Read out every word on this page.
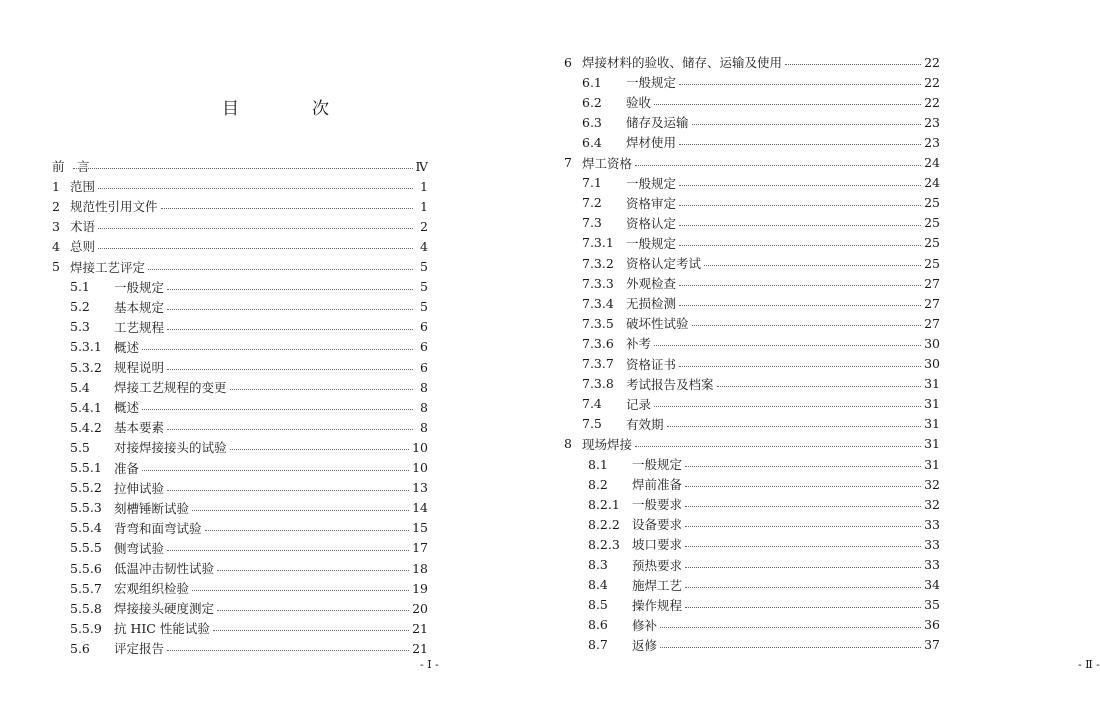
目　次
前　言	Ⅳ
1 范围	1
2 规范性引用文件	1
3 术语	2
4 总则	4
5 焊接工艺评定	5
5.1	一般规定	5
5.2	基本规定	5
5.3	工艺规程	6
5.3.1 概述	6
5.3.2 规程说明	6
5.4	焊接工艺规程的变更	8
5.4.1 概述	8
5.4.2 基本要素	8
5.5	对接焊接接头的试验	10
5.5.1 准备	10
5.5.2 拉伸试验	13
5.5.3 刻槽锤断试验	14
5.5.4 背弯和面弯试验	15
5.5.5 侧弯试验	17
5.5.6 低温冲击韧性试验	18
5.5.7 宏观组织检验	19
5.5.8 焊接接头硬度测定	20
5.5.9 抗 HIC 性能试验	21
5.6	评定报告	21
- Ⅰ -
6 焊接材料的验收、储存、运输及使用	22
6.1	一般规定	22
6.2	验收	22
6.3	储存及运输	23
6.4	焊材使用	23
7 焊工资格	24
7.1	一般规定	24
7.2	资格审定	25
7.3	资格认定	25
7.3.1 一般规定	25
7.3.2 资格认定考试	25
7.3.3 外观检查	27
7.3.4 无损检测	27
7.3.5 破坏性试验	27
7.3.6 补考	30
7.3.7 资格证书	30
7.3.8 考试报告及档案	31
7.4	记录	31
7.5	有效期	31
8 现场焊接	31
8.1	一般规定	31
8.2	焊前准备	32
8.2.1 一般要求	32
8.2.2 设备要求	33
8.2.3 坡口要求	33
8.3	预热要求	33
8.4	施焊工艺	34
8.5	操作规程	35
8.6	修补	36
8.7	返修	37
- Ⅱ -
